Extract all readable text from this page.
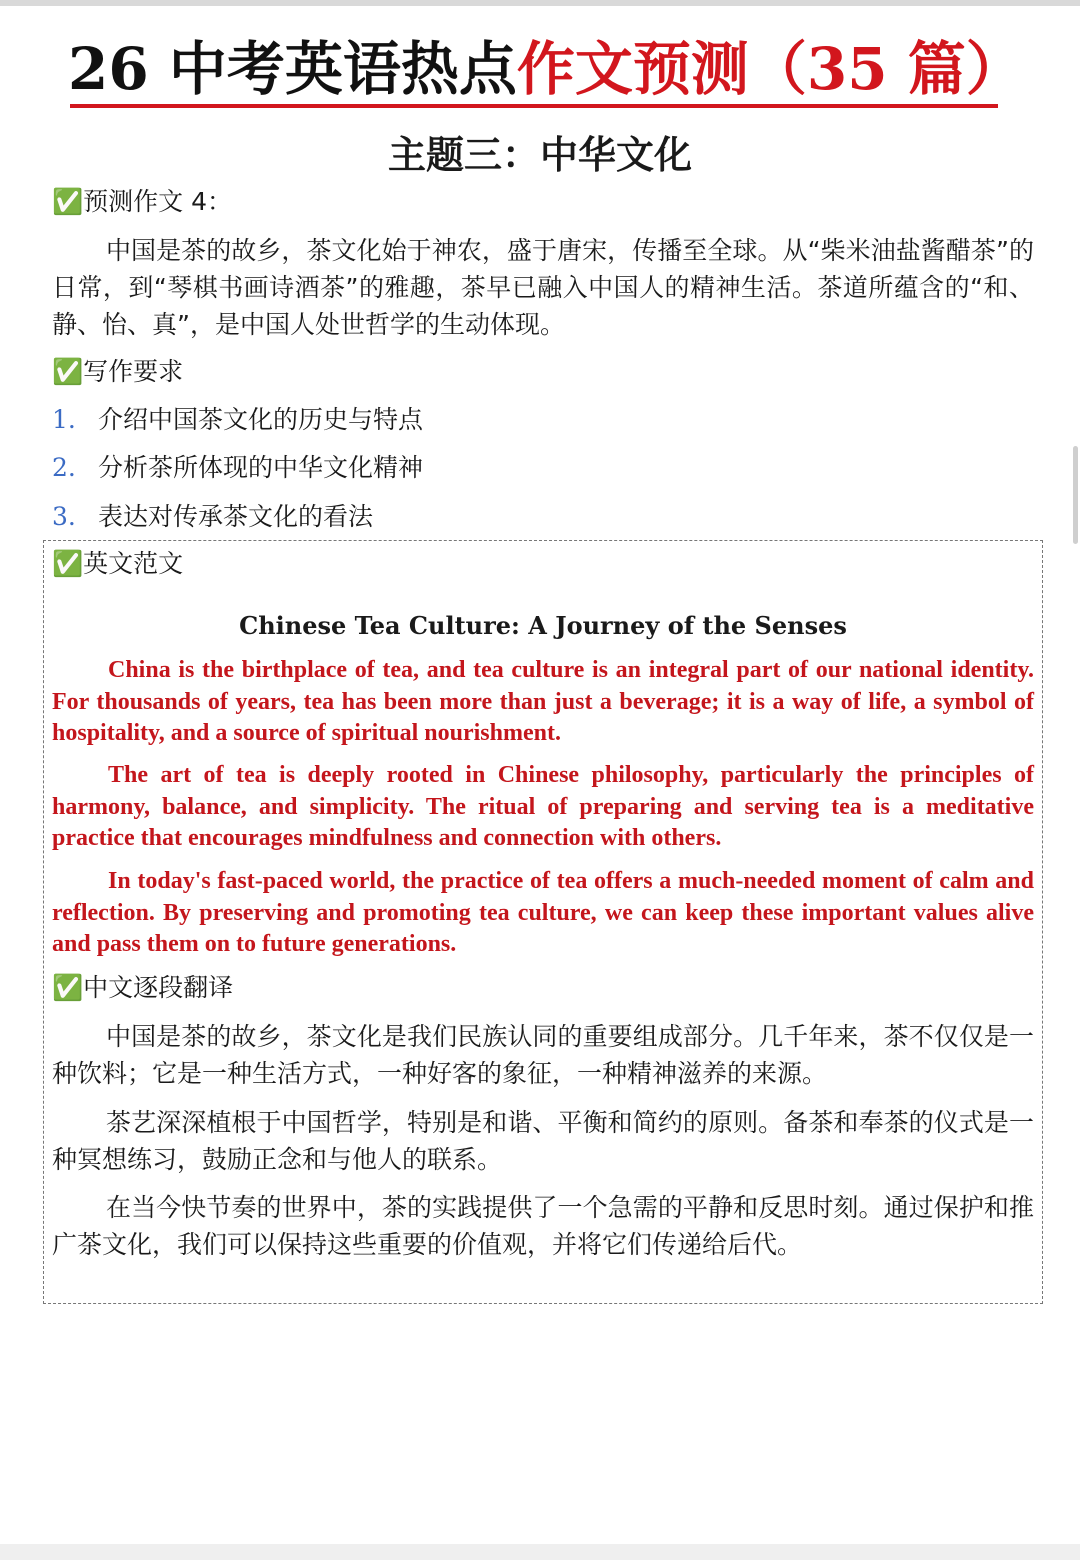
26 中考英语热点作文预测（35 篇）
主题三：中华文化
✅预测作文 4：
中国是茶的故乡，茶文化始于神农，盛于唐宋，传播至全球。从“柴米油盐酱醋茶”的日常，到“琴棋书画诗酒茶”的雅趣，茶早已融入中国人的精神生活。茶道所蕴含的“和、静、怡、真”，是中国人处世哲学的生动体现。
✅写作要求
1. 介绍中国茶文化的历史与特点
2. 分析茶所体现的中华文化精神
3. 表达对传承茶文化的看法
✅英文范文
Chinese Tea Culture: A Journey of the Senses
China is the birthplace of tea, and tea culture is an integral part of our national identity. For thousands of years, tea has been more than just a beverage; it is a way of life, a symbol of hospitality, and a source of spiritual nourishment.
The art of tea is deeply rooted in Chinese philosophy, particularly the principles of harmony, balance, and simplicity. The ritual of preparing and serving tea is a meditative practice that encourages mindfulness and connection with others.
In today's fast-paced world, the practice of tea offers a much-needed moment of calm and reflection. By preserving and promoting tea culture, we can keep these important values alive and pass them on to future generations.
✅中文逐段翻译
中国是茶的故乡，茶文化是我们民族认同的重要组成部分。几千年来，茶不仅仅是一种饮料；它是一种生活方式，一种好客的象征，一种精神滋养的来源。
茶艺深深植根于中国哲学，特别是和谐、平衡和简约的原则。备茶和奉茶的仪式是一种冥想练习，鼓励正念和与他人的联系。
在当今快节奏的世界中，茶的实践提供了一个急需的平静和反思时刻。通过保护和推广茶文化，我们可以保持这些重要的价值观，并将它们传递给后代。
